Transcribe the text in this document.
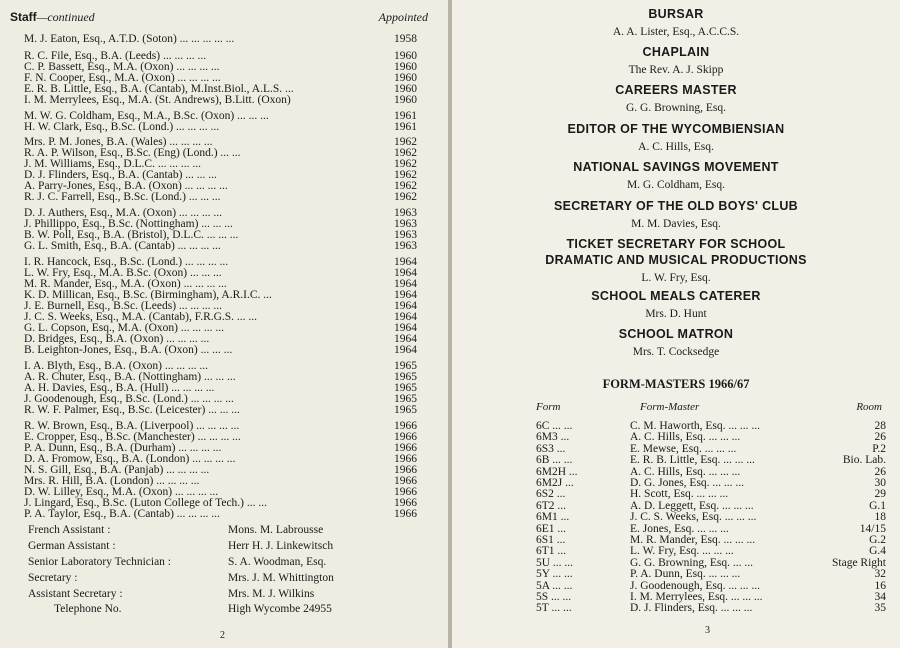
Staff—continued	Appointed
M. J. Eaton, Esq., A.T.D. (Soton) ... ... ... ... ...	1958
R. C. File, Esq., B.A. (Leeds) ... ... ... ...	1960
C. P. Bassett, Esq., M.A. (Oxon) ... ... ... ...	1960
F. N. Cooper, Esq., M.A. (Oxon) ... ... ... ...	1960
E. R. B. Little, Esq., B.A. (Cantab), M.Inst.Biol., A.L.S. ...	1960
I. M. Merrylees, Esq., M.A. (St. Andrews), B.Litt. (Oxon)	1960
M. W. G. Coldham, Esq., M.A., B.Sc. (Oxon) ... ... ...	1961
H. W. Clark, Esq., B.Sc. (Lond.) ... ... ... ...	1961
Mrs. P. M. Jones, B.A. (Wales) ... ... ... ...	1962
R. A. P. Wilson, Esq., B.Sc. (Eng) (Lond.) ... ...	1962
J. M. Williams, Esq., D.L.C. ... ... ... ...	1962
D. J. Flinders, Esq., B.A. (Cantab) ... ... ...	1962
A. Parry-Jones, Esq., B.A. (Oxon) ... ... ... ...	1962
R. J. C. Farrell, Esq., B.Sc. (Lond.) ... ... ...	1962
D. J. Authers, Esq., M.A. (Oxon) ... ... ... ...	1963
J. Phillippo, Esq., B.Sc. (Nottingham) ... ... ...	1963
B. W. Poll, Esq., B.A. (Bristol), D.L.C. ... ... ...	1963
G. L. Smith, Esq., B.A. (Cantab) ... ... ... ...	1963
I. R. Hancock, Esq., B.Sc. (Lond.) ... ... ... ...	1964
L. W. Fry, Esq., M.A. B.Sc. (Oxon) ... ... ...	1964
M. R. Mander, Esq., M.A. (Oxon) ... ... ... ...	1964
K. D. Millican, Esq., B.Sc. (Birmingham), A.R.I.C. ...	1964
J. E. Burnell, Esq., B.Sc. (Leeds) ... ... ... ...	1964
J. C. S. Weeks, Esq., M.A. (Cantab), F.R.G.S. ... ...	1964
G. L. Copson, Esq., M.A. (Oxon) ... ... ... ...	1964
D. Bridges, Esq., B.A. (Oxon) ... ... ... ...	1964
B. Leighton-Jones, Esq., B.A. (Oxon) ... ... ...	1964
I. A. Blyth, Esq., B.A. (Oxon) ... ... ... ...	1965
A. R. Chuter, Esq., B.A. (Nottingham) ... ... ...	1965
A. H. Davies, Esq., B.A. (Hull) ... ... ... ...	1965
J. Goodenough, Esq., B.Sc. (Lond.) ... ... ... ...	1965
R. W. F. Palmer, Esq., B.Sc. (Leicester) ... ... ...	1965
R. W. Brown, Esq., B.A. (Liverpool) ... ... ... ...	1966
E. Cropper, Esq., B.Sc. (Manchester) ... ... ... ...	1966
P. A. Dunn, Esq., B.A. (Durham) ... ... ... ...	1966
D. A. Fromow, Esq., B.A. (London) ... ... ... ...	1966
N. S. Gill, Esq., B.A. (Panjab) ... ... ... ...	1966
Mrs. R. Hill, B.A. (London) ... ... ... ...	1966
D. W. Lilley, Esq., M.A. (Oxon) ... ... ... ...	1966
J. Lingard, Esq., B.Sc. (Luton College of Tech.) ... ...	1966
P. A. Taylor, Esq., B.A. (Cantab) ... ... ... ...	1966
French Assistant :	Mons. M. Labrousse
German Assistant :	Herr H. J. Linkewitsch
Senior Laboratory Technician :	S. A. Woodman, Esq.
Secretary :	Mrs. J. M. Whittington
Assistant Secretary :	Mrs. M. J. Wilkins
Telephone No.	High Wycombe 24955
2
BURSAR
A. A. Lister, Esq., A.C.C.S.
CHAPLAIN
The Rev. A. J. Skipp
CAREERS MASTER
G. G. Browning, Esq.
EDITOR OF THE WYCOMBIENSIAN
A. C. Hills, Esq.
NATIONAL SAVINGS MOVEMENT
M. G. Coldham, Esq.
SECRETARY OF THE OLD BOYS' CLUB
M. M. Davies, Esq.
TICKET SECRETARY FOR SCHOOL
DRAMATIC AND MUSICAL PRODUCTIONS
L. W. Fry, Esq.
SCHOOL MEALS CATERER
Mrs. D. Hunt
SCHOOL MATRON
Mrs. T. Cocksedge
FORM-MASTERS 1966/67
Form	Form-Master	Room
6C ... ...	C. M. Haworth, Esq. ... ... ...	28
6M3 ...	A. C. Hills, Esq. ... ... ...	26
6S3 ...	E. Mewse, Esq. ... ... ...	P.2
6B ... ...	E. R. B. Little, Esq. ... ... ...	Bio. Lab.
6M2H ...	A. C. Hills, Esq. ... ... ...	26
6M2J ...	D. G. Jones, Esq. ... ... ...	30
6S2 ...	H. Scott, Esq. ... ... ...	29
6T2 ...	A. D. Leggett, Esq. ... ... ...	G.1
6M1 ...	J. C. S. Weeks, Esq. ... ... ...	18
6E1 ...	E. Jones, Esq. ... ... ...	14/15
6S1 ...	M. R. Mander, Esq. ... ... ...	G.2
6T1 ...	L. W. Fry, Esq. ... ... ...	G.4
5U ... ...	G. G. Browning, Esq. ... ...	Stage Right
5Y ... ...	P. A. Dunn, Esq. ... ... ...	32
5A ... ...	J. Goodenough, Esq. ... ... ...	16
5S ... ...	I. M. Merrylees, Esq. ... ... ...	34
5T ... ...	D. J. Flinders, Esq. ... ... ...	35
3
